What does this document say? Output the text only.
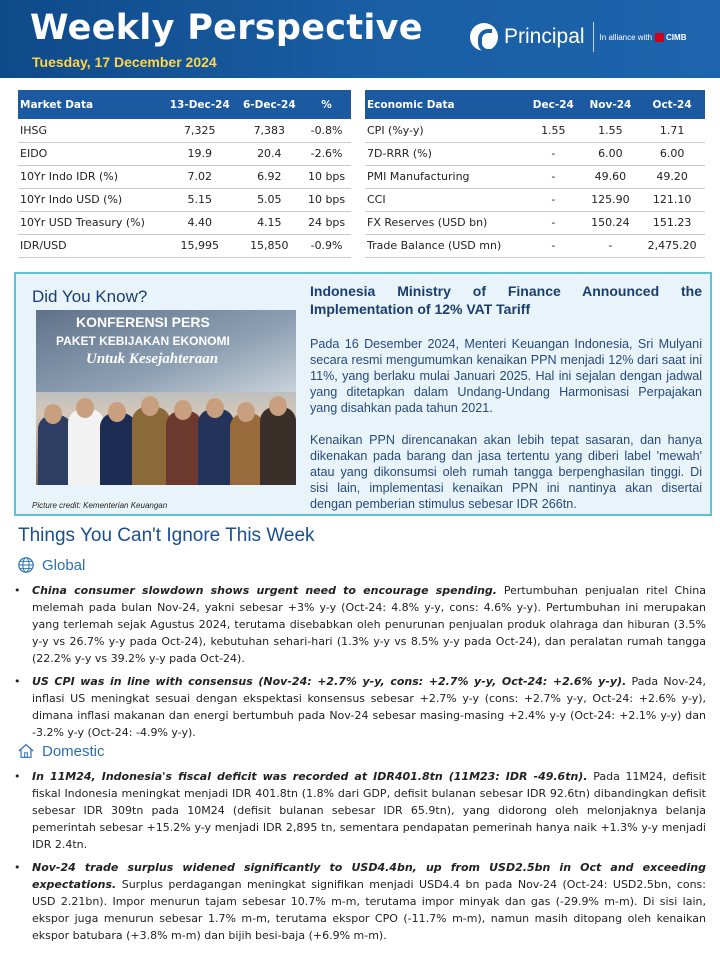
Weekly Perspective
Tuesday, 17 December 2024
Principal In alliance with CIMB
Market Data	13-Dec-24	6-Dec-24	%
IHSG	7,325	7,383	-0.8%
EIDO	19.9	20.4	-2.6%
10Yr Indo IDR (%)	7.02	6.92	10 bps
10Yr Indo USD (%)	5.15	5.05	10 bps
10Yr USD Treasury (%)	4.40	4.15	24 bps
IDR/USD	15,995	15,850	-0.9%
Economic Data	Dec-24	Nov-24	Oct-24
CPI (%y-y)	1.55	1.55	1.71
7D-RRR (%)	-	6.00	6.00
PMI Manufacturing	-	49.60	49.20
CCI	-	125.90	121.10
FX Reserves (USD bn)	-	150.24	151.23
Trade Balance (USD mn)	-	-	2,475.20
Did You Know?
KONFERENSI PERS
PAKET KEBIJAKAN EKONOMI
Untuk Kesejahteraan
Picture credit: Kementerian Keuangan
Indonesia Ministry of Finance Announced the Implementation of 12% VAT Tariff
Pada 16 Desember 2024, Menteri Keuangan Indonesia, Sri Mulyani secara resmi mengumumkan kenaikan PPN menjadi 12% dari saat ini 11%, yang berlaku mulai Januari 2025. Hal ini sejalan dengan jadwal yang ditetapkan dalam Undang-Undang Harmonisasi Perpajakan yang disahkan pada tahun 2021.
Kenaikan PPN direncanakan akan lebih tepat sasaran, dan hanya dikenakan pada barang dan jasa tertentu yang diberi label 'mewah' atau yang dikonsumsi oleh rumah tangga berpenghasilan tinggi. Di sisi lain, implementasi kenaikan PPN ini nantinya akan disertai dengan pemberian stimulus sebesar IDR 266tn.
Things You Can't Ignore This Week
Global
• China consumer slowdown shows urgent need to encourage spending. Pertumbuhan penjualan ritel China melemah pada bulan Nov-24, yakni sebesar +3% y-y (Oct-24: 4.8% y-y, cons: 4.6% y-y). Pertumbuhan ini merupakan yang terlemah sejak Agustus 2024, terutama disebabkan oleh penurunan penjualan produk olahraga dan hiburan (3.5% y-y vs 26.7% y-y pada Oct-24), kebutuhan sehari-hari (1.3% y-y vs 8.5% y-y pada Oct-24), dan peralatan rumah tangga (22.2% y-y vs 39.2% y-y pada Oct-24).
• US CPI was in line with consensus (Nov-24: +2.7% y-y, cons: +2.7% y-y, Oct-24: +2.6% y-y). Pada Nov-24, inflasi US meningkat sesuai dengan ekspektasi konsensus sebesar +2.7% y-y (cons: +2.7% y-y, Oct-24: +2.6% y-y), dimana inflasi makanan dan energi bertumbuh pada Nov-24 sebesar masing-masing +2.4% y-y (Oct-24: +2.1% y-y) dan -3.2% y-y (Oct-24: -4.9% y-y).
Domestic
• In 11M24, Indonesia's fiscal deficit was recorded at IDR401.8tn (11M23: IDR -49.6tn). Pada 11M24, defisit fiskal Indonesia meningkat menjadi IDR 401.8tn (1.8% dari GDP, defisit bulanan sebesar IDR 92.6tn) dibandingkan defisit sebesar IDR 309tn pada 10M24 (defisit bulanan sebesar IDR 65.9tn), yang didorong oleh melonjaknya belanja pemerintah sebesar +15.2% y-y menjadi IDR 2,895 tn, sementara pendapatan pemerinah hanya naik +1.3% y-y menjadi IDR 2.4tn.
• Nov-24 trade surplus widened significantly to USD4.4bn, up from USD2.5bn in Oct and exceeding expectations. Surplus perdagangan meningkat signifikan menjadi USD4.4 bn pada Nov-24 (Oct-24: USD2.5bn, cons: USD 2.21bn). Impor menurun tajam sebesar 10.7% m-m, terutama impor minyak dan gas (-29.9% m-m). Di sisi lain, ekspor juga menurun sebesar 1.7% m-m, terutama ekspor CPO (-11.7% m-m), namun masih ditopang oleh kenaikan ekspor batubara (+3.8% m-m) dan bijih besi-baja (+6.9% m-m).
